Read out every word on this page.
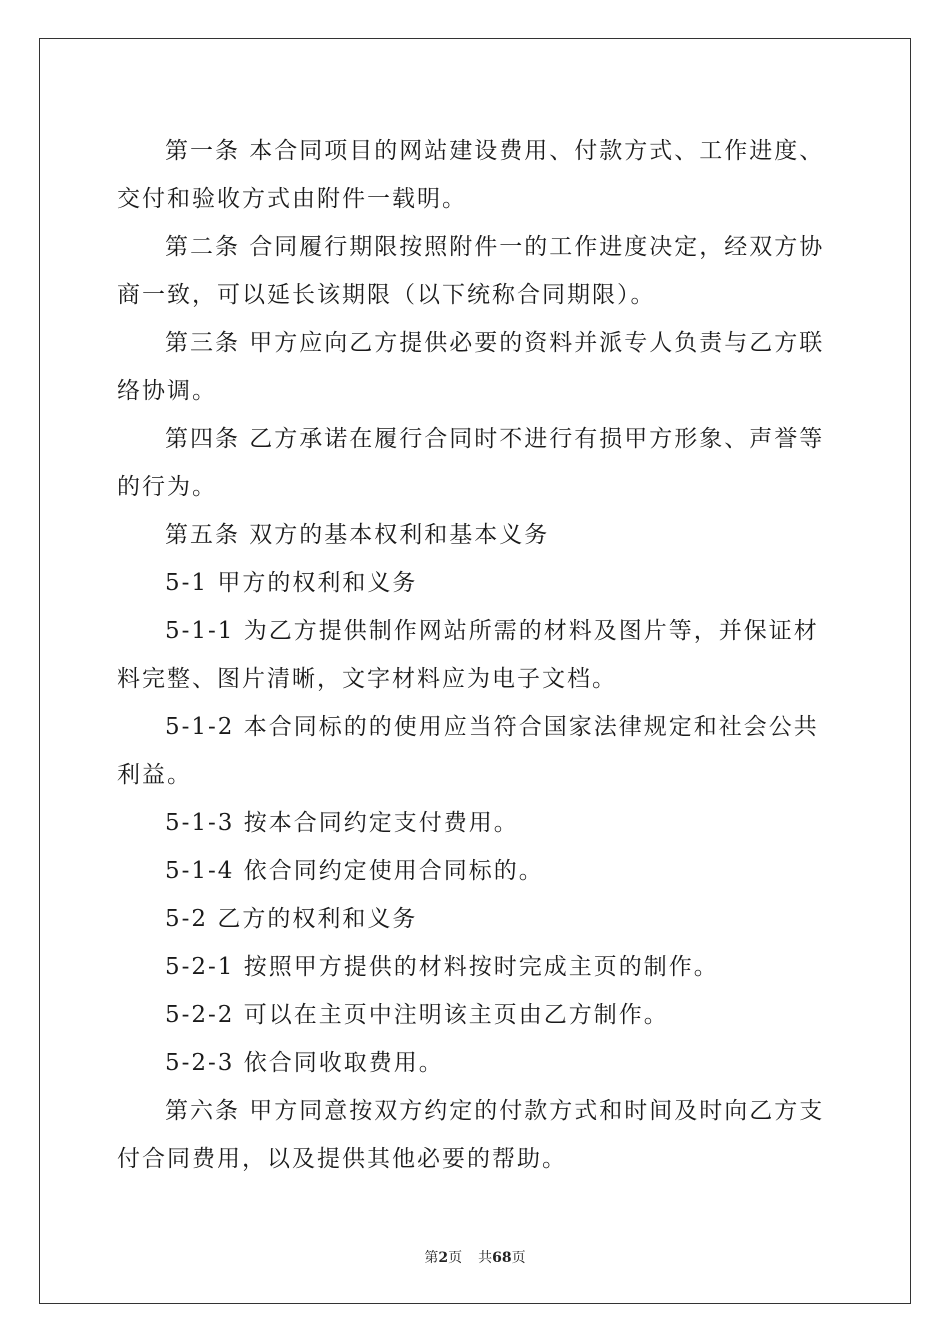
第一条 本合同项目的网站建设费用、付款方式、工作进度、交付和验收方式由附件一载明。

第二条 合同履行期限按照附件一的工作进度决定，经双方协商一致，可以延长该期限（以下统称合同期限）。

第三条 甲方应向乙方提供必要的资料并派专人负责与乙方联络协调。

第四条 乙方承诺在履行合同时不进行有损甲方形象、声誉等的行为。

第五条 双方的基本权利和基本义务

5-1 甲方的权利和义务

5-1-1 为乙方提供制作网站所需的材料及图片等，并保证材料完整、图片清晰，文字材料应为电子文档。

5-1-2 本合同标的的使用应当符合国家法律规定和社会公共利益。

5-1-3 按本合同约定支付费用。

5-1-4 依合同约定使用合同标的。

5-2 乙方的权利和义务

5-2-1 按照甲方提供的材料按时完成主页的制作。

5-2-2 可以在主页中注明该主页由乙方制作。

5-2-3 依合同收取费用。

第六条 甲方同意按双方约定的付款方式和时间及时向乙方支付合同费用，以及提供其他必要的帮助。

第2页 共68页
